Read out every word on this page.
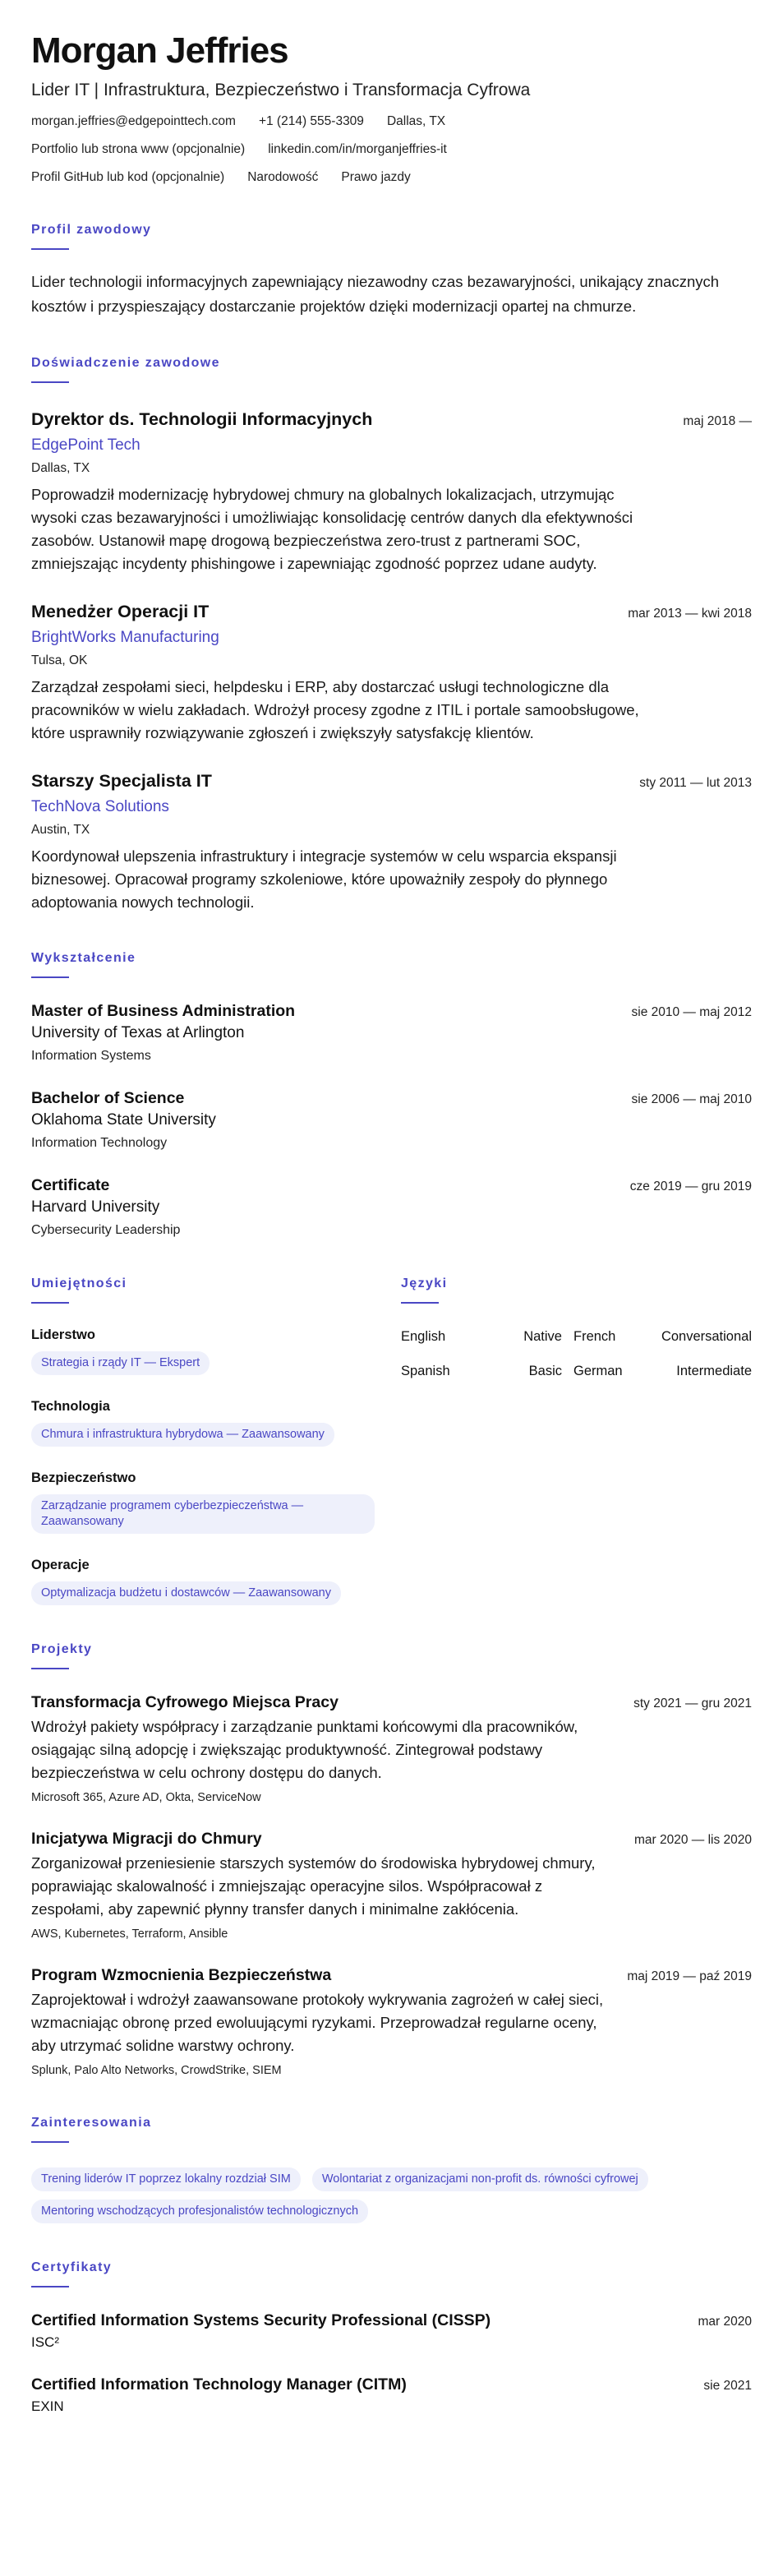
Morgan Jeffries
Lider IT | Infrastruktura, Bezpieczeństwo i Transformacja Cyfrowa
morgan.jeffries@edgepointtech.com +1 (214) 555-3309 Dallas, TX
Portfolio lub strona www (opcjonalnie) linkedin.com/in/morganjeffries-it
Profil GitHub lub kod (opcjonalnie) Narodowość Prawo jazdy
Profil zawodowy

Lider technologii informacyjnych zapewniający niezawodny czas bezawaryjności, unikający znacznych kosztów i przyspieszający dostarczanie projektów dzięki modernizacji opartej na chmurze.

Doświadczenie zawodowe
Dyrektor ds. Technologii Informacyjnych	maj 2018 —
EdgePoint Tech
Dallas, TX

Poprowadził modernizację hybrydowej chmury na globalnych lokalizacjach, utrzymując wysoki czas bezawaryjności i umożliwiając konsolidację centrów danych dla efektywności zasobów. Ustanowił mapę drogową bezpieczeństwa zero-trust z partnerami SOC, zmniejszając incydenty phishingowe i zapewniając zgodność poprzez udane audyty.

Menedżer Operacji IT	mar 2013 — kwi 2018
BrightWorks Manufacturing
Tulsa, OK

Zarządzał zespołami sieci, helpdesku i ERP, aby dostarczać usługi technologiczne dla pracowników w wielu zakładach. Wdrożył procesy zgodne z ITIL i portale samoobsługowe, które usprawniły rozwiązywanie zgłoszeń i zwiększyły satysfakcję klientów.

Starszy Specjalista IT	sty 2011 — lut 2013
TechNova Solutions
Austin, TX

Koordynował ulepszenia infrastruktury i integracje systemów w celu wsparcia ekspansji biznesowej. Opracował programy szkoleniowe, które upoważniły zespoły do płynnego adoptowania nowych technologii.

Wykształcenie
Master of Business Administration	sie 2010 — maj 2012
University of Texas at Arlington
Information Systems
Bachelor of Science	sie 2006 — maj 2010
Oklahoma State University
Information Technology
Certificate	cze 2019 — gru 2019
Harvard University
Cybersecurity Leadership
Umiejętności
Liderstwo
Strategia i rządy IT — Ekspert
Technologia
Chmura i infrastruktura hybrydowa — Zaawansowany
Bezpieczeństwo
Zarządzanie programem cyberbezpieczeństwa — Zaawansowany
Operacje
Optymalizacja budżetu i dostawców — Zaawansowany
Języki
English	Native French	Conversational
Spanish	Basic German	Intermediate
Projekty
Transformacja Cyfrowego Miejsca Pracy	sty 2021 — gru 2021

Wdrożył pakiety współpracy i zarządzanie punktami końcowymi dla pracowników, osiągając silną adopcję i zwiększając produktywność. Zintegrował podstawy bezpieczeństwa w celu ochrony dostępu do danych.

Microsoft 365, Azure AD, Okta, ServiceNow
Inicjatywa Migracji do Chmury	mar 2020 — lis 2020

Zorganizował przeniesienie starszych systemów do środowiska hybrydowej chmury, poprawiając skalowalność i zmniejszając operacyjne silos. Współpracował z zespołami, aby zapewnić płynny transfer danych i minimalne zakłócenia.

AWS, Kubernetes, Terraform, Ansible
Program Wzmocnienia Bezpieczeństwa	maj 2019 — paź 2019

Zaprojektował i wdrożył zaawansowane protokoły wykrywania zagrożeń w całej sieci, wzmacniając obronę przed ewoluującymi ryzykami. Przeprowadzał regularne oceny, aby utrzymać solidne warstwy ochrony.

Splunk, Palo Alto Networks, CrowdStrike, SIEM
Zainteresowania
Trening liderów IT poprzez lokalny rozdział SIM	Wolontariat z organizacjami non-profit ds. równości cyfrowej
Mentoring wschodzących profesjonalistów technologicznych
Certyfikaty
Certified Information Systems Security Professional (CISSP)	mar 2020
ISC²
Certified Information Technology Manager (CITM)	sie 2021
EXIN
